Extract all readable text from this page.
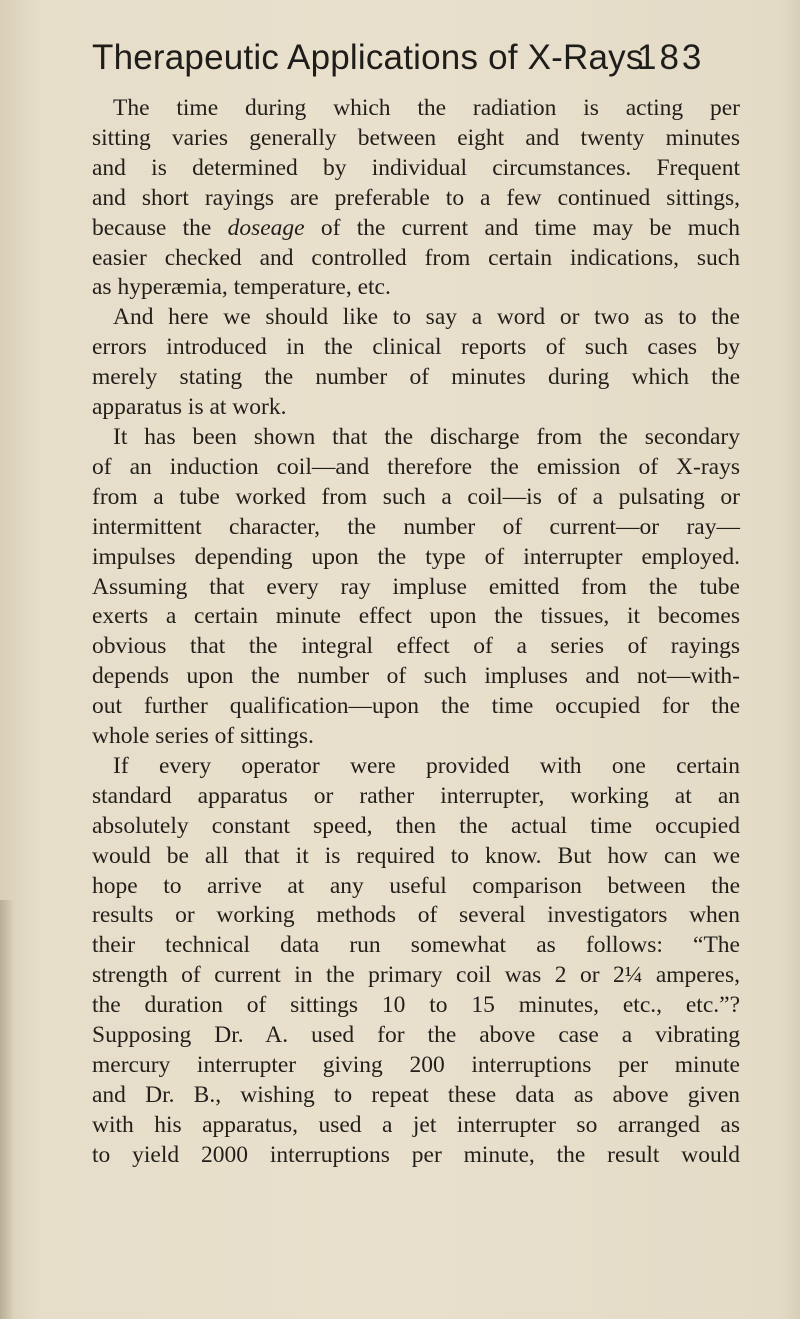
Therapeutic Applications of X-Rays
183
The time during which the radiation is acting per
sitting varies generally between eight and twenty minutes
and is determined by individual circumstances. Frequent
and short rayings are preferable to a few continued sittings,
because the doseage of the current and time may be much
easier checked and controlled from certain indications, such
as hyperæmia, temperature, etc.
And here we should like to say a word or two as to the
errors introduced in the clinical reports of such cases by
merely stating the number of minutes during which the
apparatus is at work.
It has been shown that the discharge from the secondary
of an induction coil—and therefore the emission of X-rays
from a tube worked from such a coil—is of a pulsating or
intermittent character, the number of current—or ray—
impulses depending upon the type of interrupter employed.
Assuming that every ray impluse emitted from the tube
exerts a certain minute effect upon the tissues, it becomes
obvious that the integral effect of a series of rayings
depends upon the number of such impluses and not—with-
out further qualification—upon the time occupied for the
whole series of sittings.
If every operator were provided with one certain
standard apparatus or rather interrupter, working at an
absolutely constant speed, then the actual time occupied
would be all that it is required to know. But how can we
hope to arrive at any useful comparison between the
results or working methods of several investigators when
their technical data run somewhat as follows: “The
strength of current in the primary coil was 2 or 2¼ amperes,
the duration of sittings 10 to 15 minutes, etc., etc.”?
Supposing Dr. A. used for the above case a vibrating
mercury interrupter giving 200 interruptions per minute
and Dr. B., wishing to repeat these data as above given
with his apparatus, used a jet interrupter so arranged as
to yield 2000 interruptions per minute, the result would
